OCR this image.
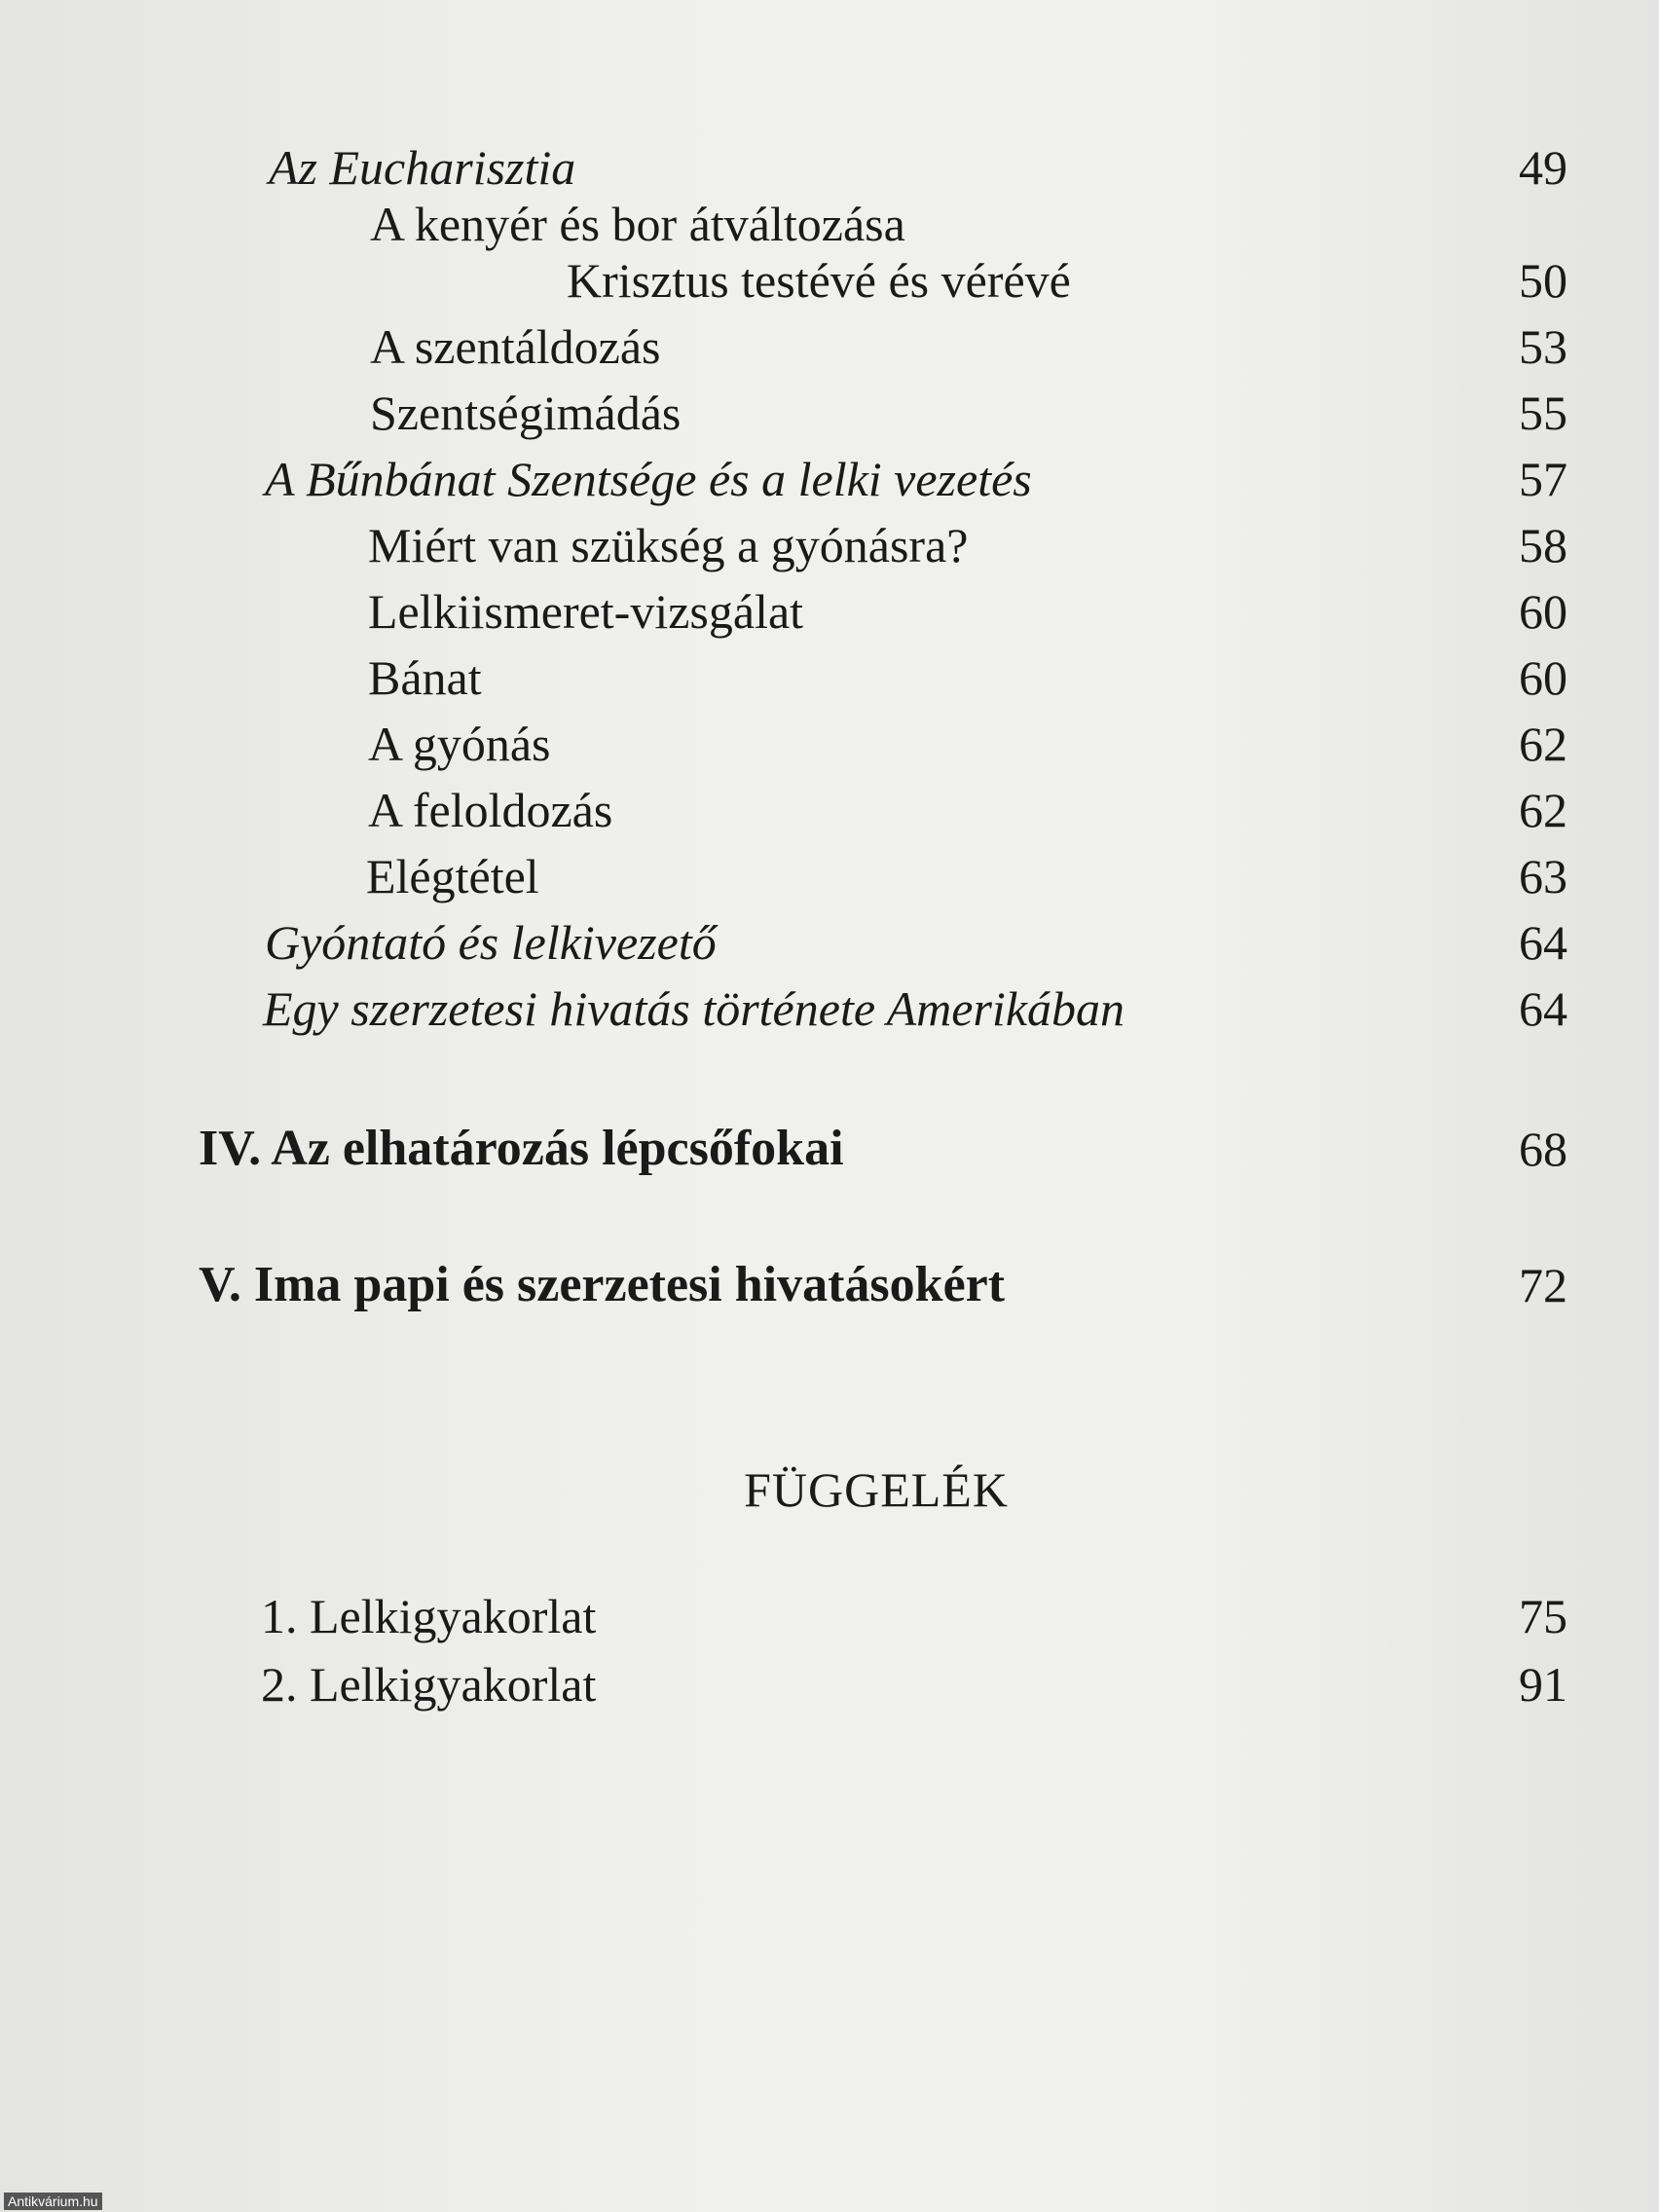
Az Eucharisztia	49
A kenyér és bor átváltozása
Krisztus testévé és vérévé	50
A szentáldozás	53
Szentségimádás	55
A Bűnbánat Szentsége és a lelki vezetés	57
Miért van szükség a gyónásra?	58
Lelkiismeret-vizsgálat	60
Bánat	60
A gyónás	62
A feloldozás	62
Elégtétel	63
Gyóntató és lelkivezető	64
Egy szerzetesi hivatás története Amerikában	64
IV. Az elhatározás lépcsőfokai	68
V. Ima papi és szerzetesi hivatásokért	72
FÜGGELÉK
1. Lelkigyakorlat	75
2. Lelkigyakorlat	91
Antikvárium.hu
